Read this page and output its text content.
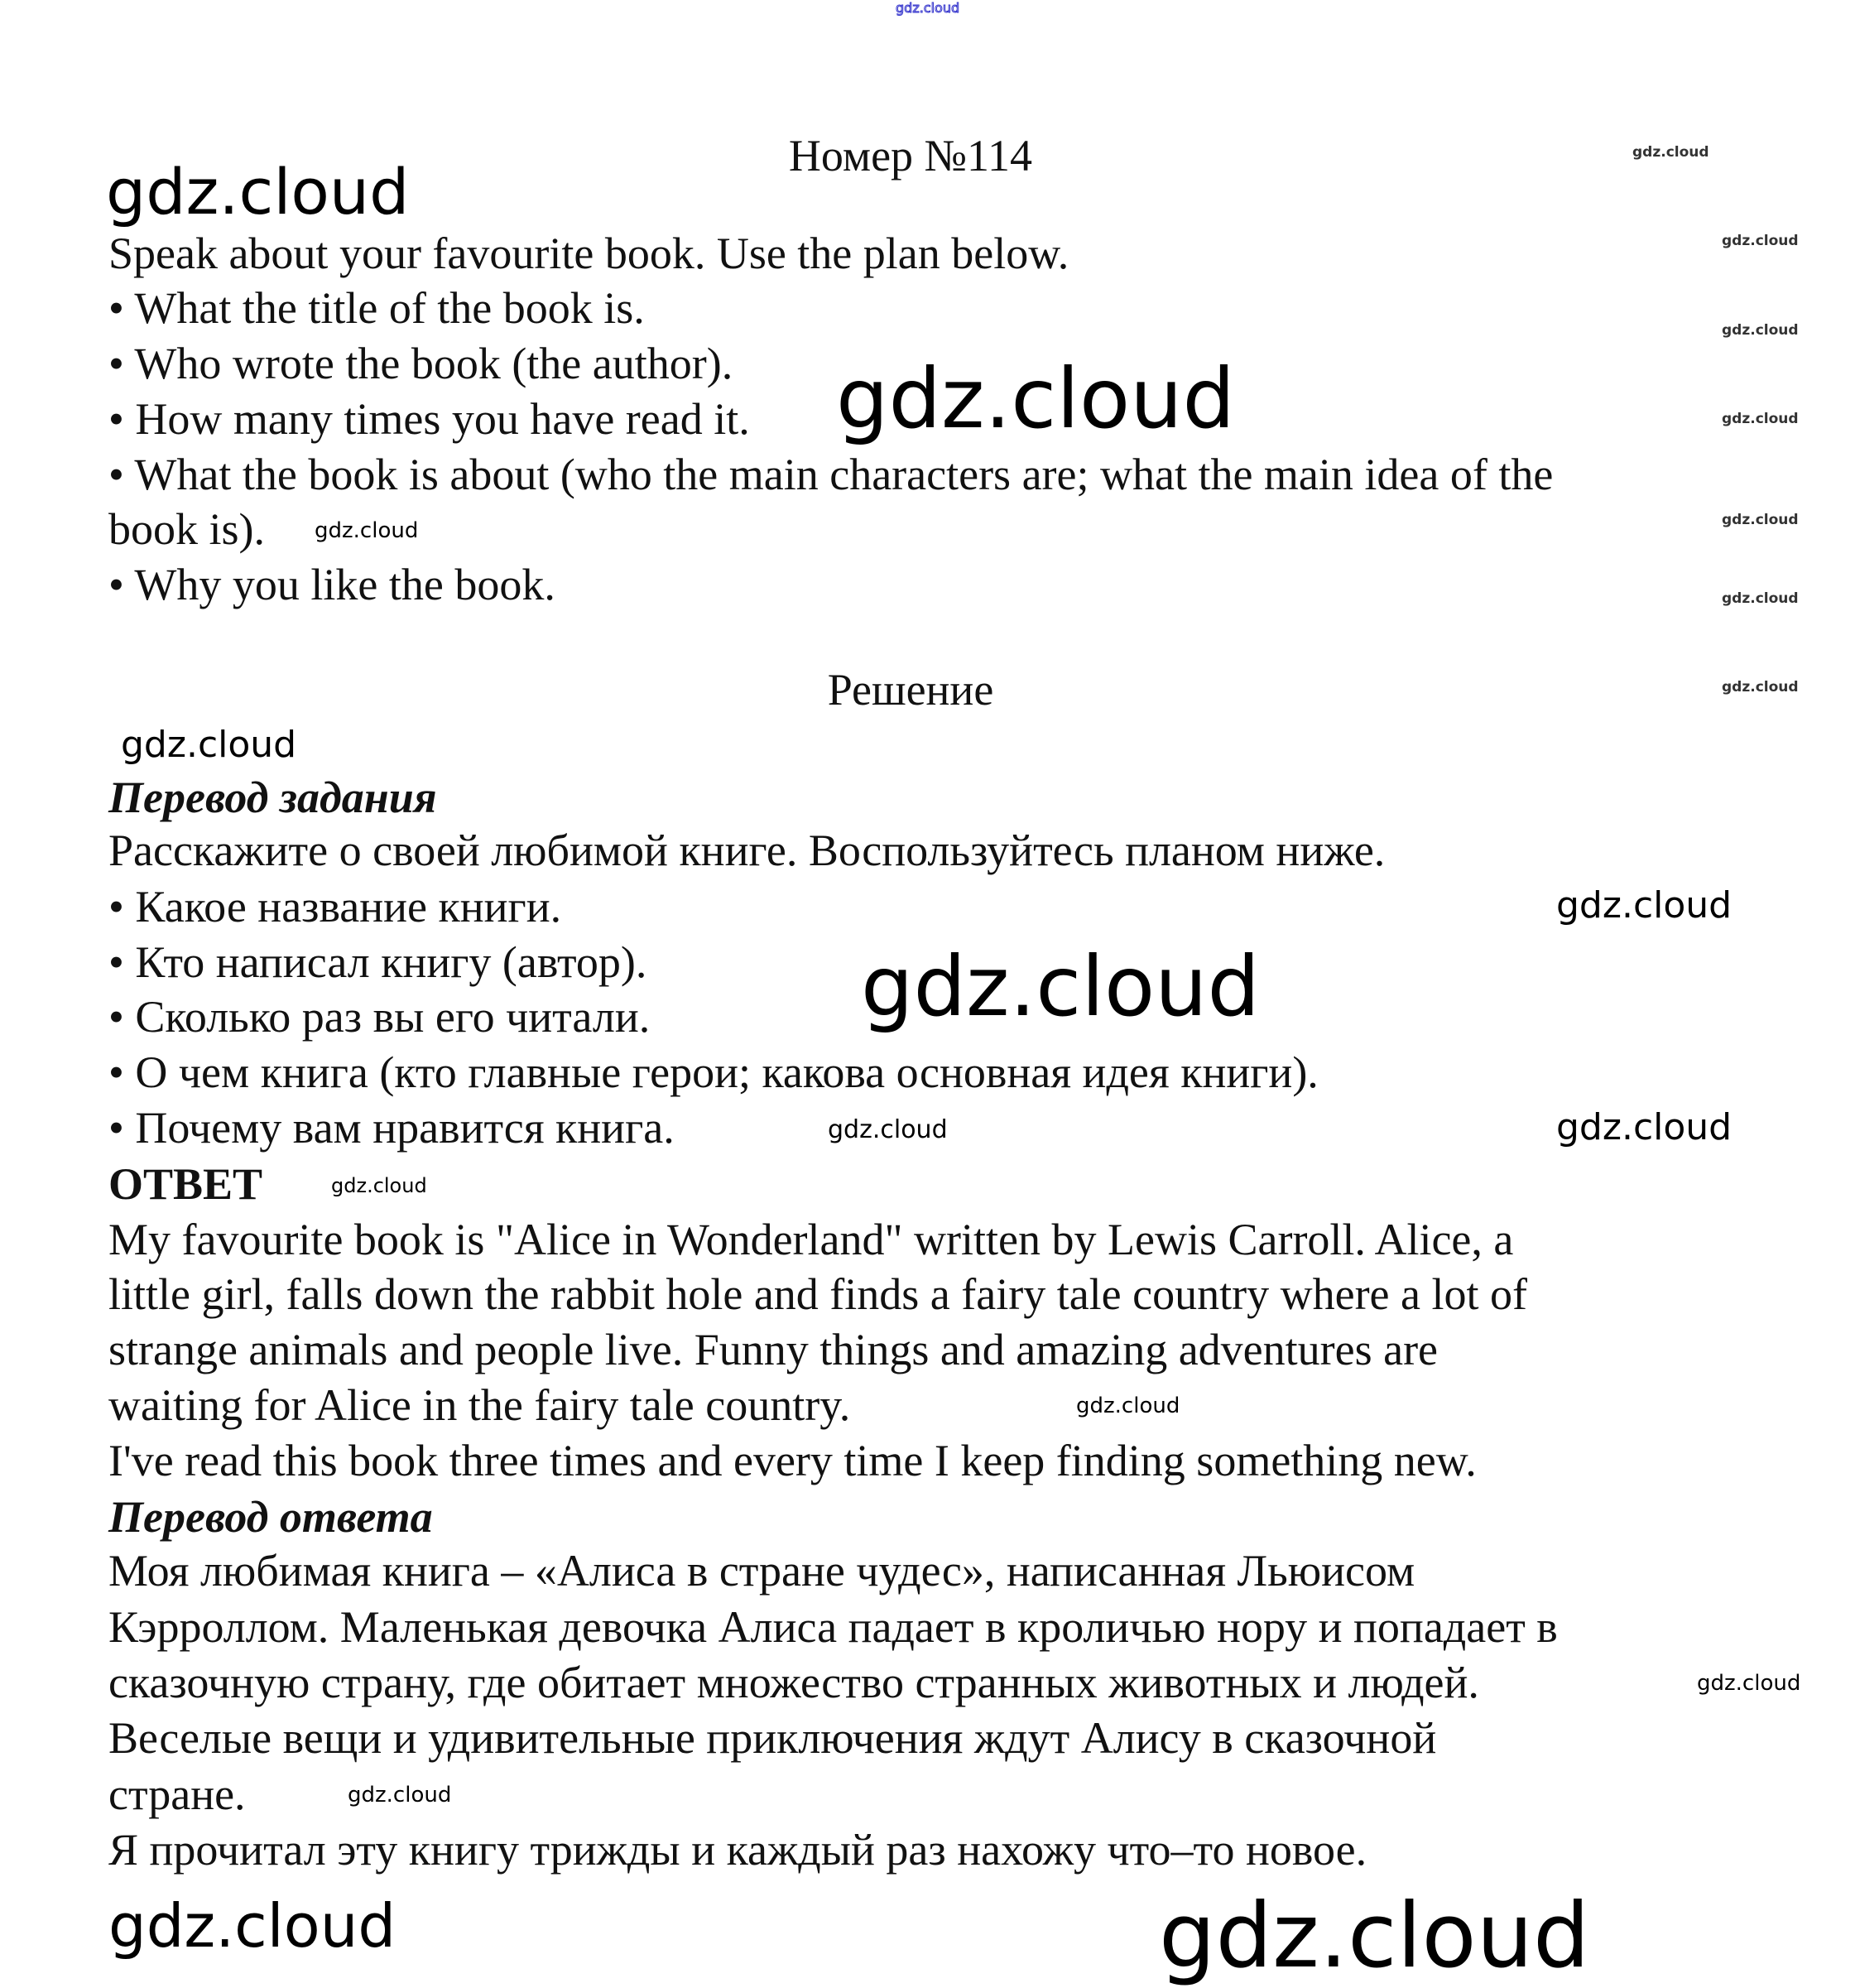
Номер №114
Speak about your favourite book. Use the plan below.
• What the title of the book is.
• Who wrote the book (the author).
• How many times you have read it.
• What the book is about (who the main characters are; what the main idea of the
book is).
• Why you like the book.
Решение
Перевод задания
Расскажите о своей любимой книге. Воспользуйтесь планом ниже.
• Какое название книги.
• Кто написал книгу (автор).
• Сколько раз вы его читали.
• О чем книга (кто главные герои; какова основная идея книги).
• Почему вам нравится книга.
ОТВЕТ
My favourite book is "Alice in Wonderland" written by Lewis Carroll. Alice, a
little girl, falls down the rabbit hole and finds a fairy tale country where a lot of
strange animals and people live. Funny things and amazing adventures are
waiting for Alice in the fairy tale country.
I've read this book three times and every time I keep finding something new.
Перевод ответа
Моя любимая книга – «Алиса в стране чудес», написанная Льюисом
Кэрроллом. Маленькая девочка Алиса падает в кроличью нору и попадает в
сказочную страну, где обитает множество странных животных и людей.
Веселые вещи и удивительные приключения ждут Алису в сказочной
стране.
Я прочитал эту книгу трижды и каждый раз нахожу что–то новое.
gdz.cloud
gdz.cloud
gdz.cloud
gdz.cloud
gdz.cloud
gdz.cloud
gdz.cloud
gdz.cloud
gdz.cloud
gdz.cloud
gdz.cloud
gdz.cloud
gdz.cloud
gdz.cloud
gdz.cloud	gdz.cloud
gdz.cloud
gdz.cloud
gdz.cloud
gdz.cloud
gdz.cloud
gdz.cloud
